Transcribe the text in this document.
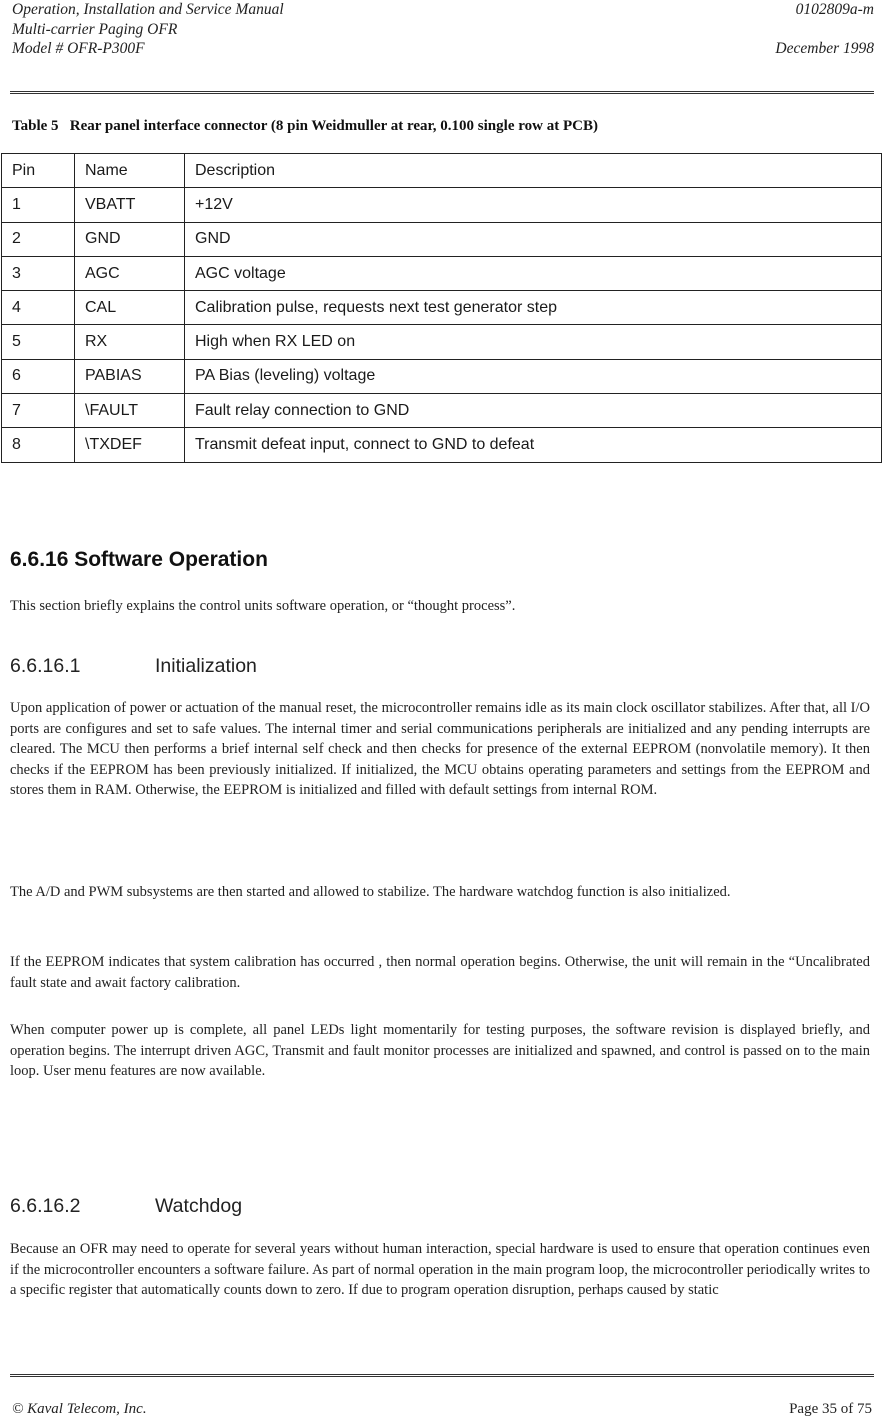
Operation, Installation and Service Manual
Multi-carrier Paging OFR
Model # OFR-P300F
0102809a-m
December 1998
Table 5   Rear panel interface connector (8 pin Weidmuller at rear, 0.100 single row at PCB)
Pin	Name	Description
1	VBATT	+12V
2	GND	GND
3	AGC	AGC voltage
4	CAL	Calibration pulse, requests next test generator step
5	RX	High when RX LED on
6	PABIAS	PA Bias (leveling) voltage
7	\FAULT	Fault relay connection to GND
8	\TXDEF	Transmit defeat input, connect to GND to defeat
6.6.16 Software Operation
This section briefly explains the control units software operation, or “thought process”.
6.6.16.1	Initialization
Upon application of power or actuation of the manual reset, the microcontroller remains idle as its main clock oscillator stabilizes. After that, all I/O ports are configures and set to safe values. The internal timer and serial communications peripherals are initialized and any pending interrupts are cleared. The MCU then performs a brief internal self check and then checks for presence of the external EEPROM (nonvolatile memory). It then checks if the EEPROM has been previously initialized. If initialized, the MCU obtains operating parameters and settings from the EEPROM and stores them in RAM. Otherwise, the EEPROM is initialized and filled with default settings from internal ROM.
The A/D and PWM subsystems are then started and allowed to stabilize. The hardware watchdog function is also initialized.
If the EEPROM indicates that system calibration has occurred , then normal operation begins. Otherwise, the unit will remain in the “Uncalibrated fault state and await factory calibration.
When computer power up is complete, all panel LEDs light momentarily for testing purposes, the software revision is displayed briefly, and operation begins. The interrupt driven AGC, Transmit and fault monitor processes are initialized and spawned, and control is passed on to the main loop. User menu features are now available.
6.6.16.2	Watchdog
Because an OFR may need to operate for several years without human interaction, special hardware is used to ensure that operation continues even if the microcontroller encounters a software failure. As part of normal operation in the main program loop, the microcontroller periodically writes to a specific register that automatically counts down to zero. If due to program operation disruption, perhaps caused by static
© Kaval Telecom, Inc.	Page 35 of 75
